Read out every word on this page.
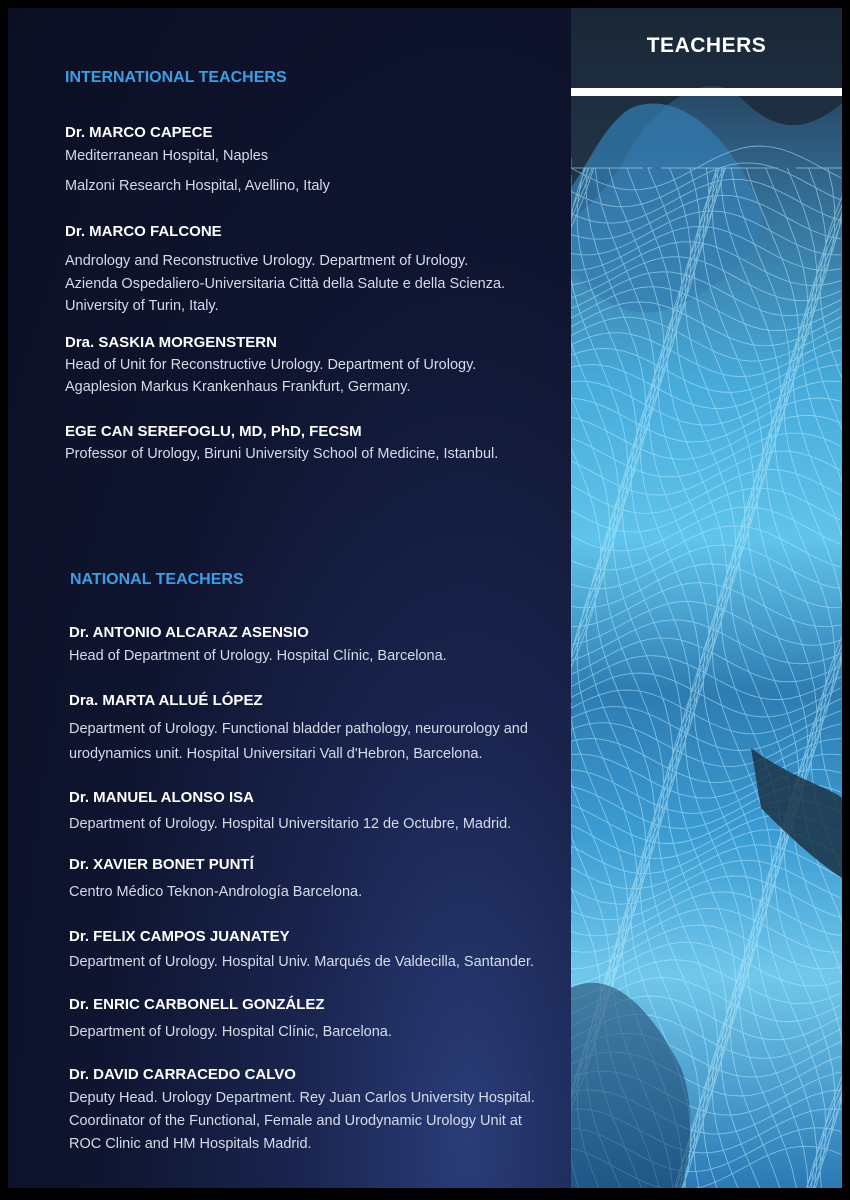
TEACHERS
INTERNATIONAL TEACHERS
Dr. MARCO CAPECE
Mediterranean Hospital, Naples
Malzoni Research Hospital, Avellino, Italy
Dr. MARCO FALCONE
Andrology and Reconstructive Urology. Department of Urology.
Azienda Ospedaliero-Universitaria Città della Salute e della Scienza.
University of Turin, Italy.
Dra. SASKIA MORGENSTERN
Head of Unit for Reconstructive Urology. Department of Urology.
Agaplesion Markus Krankenhaus Frankfurt, Germany.
EGE CAN SEREFOGLU, MD, PhD, FECSM
Professor of Urology, Biruni University School of Medicine, Istanbul.
NATIONAL TEACHERS
Dr. ANTONIO ALCARAZ ASENSIO
Head of Department of Urology. Hospital Clínic, Barcelona.
Dra. MARTA ALLUÉ LÓPEZ
Department of Urology. Functional bladder pathology, neurourology and
urodynamics unit. Hospital Universitari Vall d'Hebron, Barcelona.
Dr. MANUEL ALONSO ISA
Department of Urology. Hospital Universitario 12 de Octubre, Madrid.
Dr. XAVIER BONET PUNTÍ
Centro Médico Teknon-Andrología Barcelona.
Dr. FELIX CAMPOS JUANATEY
Department of Urology. Hospital Univ. Marqués de Valdecilla, Santander.
Dr. ENRIC CARBONELL GONZÁLEZ
Department of Urology. Hospital Clínic, Barcelona.
Dr. DAVID CARRACEDO CALVO
Deputy Head. Urology Department. Rey Juan Carlos University Hospital.
Coordinator of the Functional, Female and Urodynamic Urology Unit at
ROC Clinic and HM Hospitals Madrid.
